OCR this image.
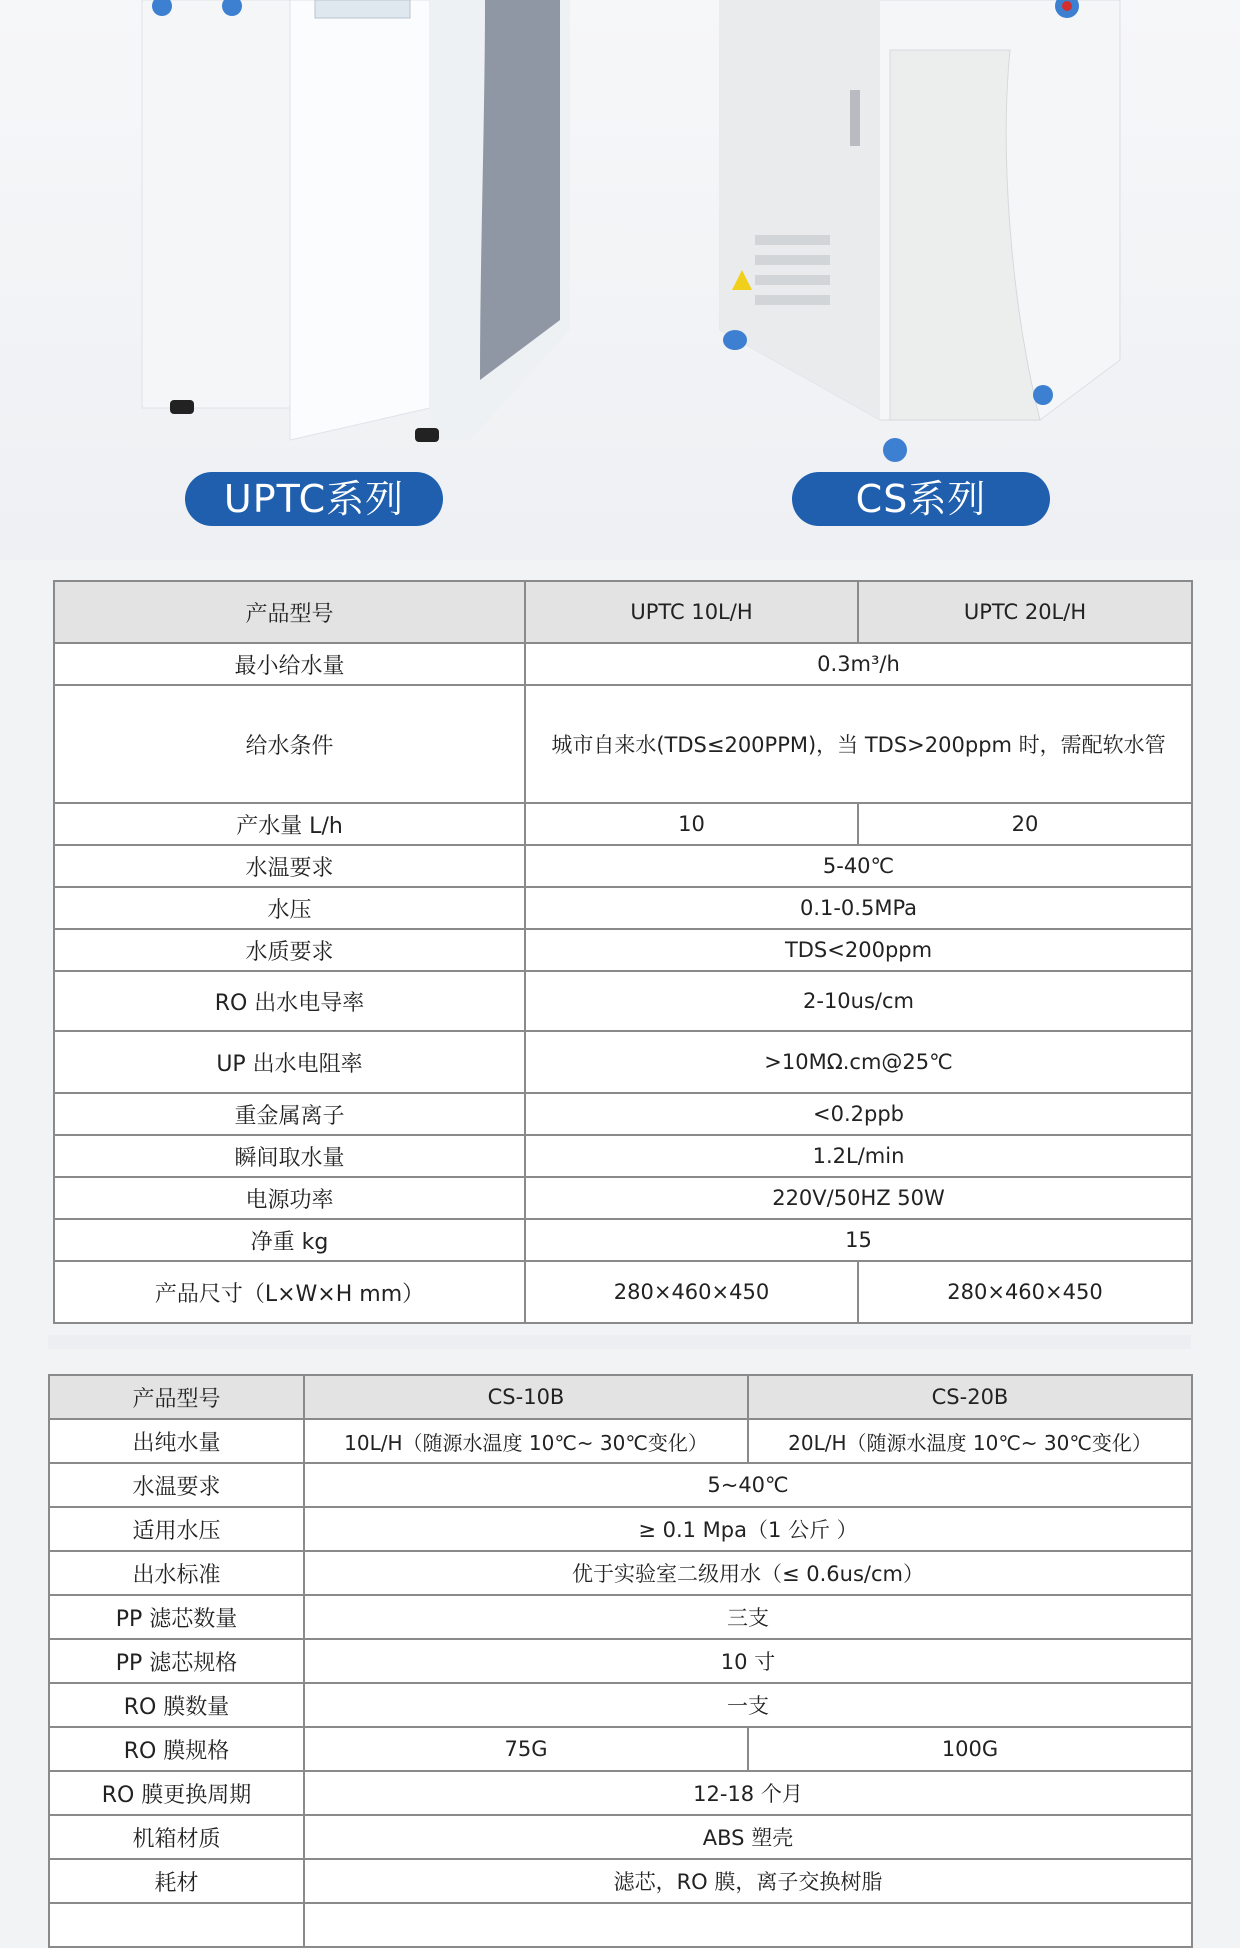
UPTC系列	CS系列
产品型号	UPTC 10L/H	UPTC 20L/H
最小给水量	0.3m³/h	
给水条件	城市自来水(TDS≤200PPM)，当 TDS>200ppm 时，需配软水管	
产水量 L/h	10	20
水温要求	5-40℃	
水压	0.1-0.5MPa	
水质要求	TDS<200ppm	
RO 出水电导率	2-10us/cm	
UP 出水电阻率	>10MΩ.cm@25℃	
重金属离子	<0.2ppb	
瞬间取水量	1.2L/min	
电源功率	220V/50HZ 50W	
净重 kg	15	
产品尺寸（L×W×H mm）	280×460×450	280×460×450
产品型号	CS-10B	CS-20B
出纯水量	10L/H（随源水温度 10℃~ 30℃变化）	20L/H（随源水温度 10℃~ 30℃变化）
水温要求	5~40℃	
适用水压	≥ 0.1 Mpa（1 公斤 ）	
出水标准	优于实验室二级用水（≤ 0.6us/cm）	
PP 滤芯数量	三支	
PP 滤芯规格	10 寸	
RO 膜数量	一支	
RO 膜规格	75G	100G
RO 膜更换周期	12-18 个月	
机箱材质	ABS 塑壳	
耗材	滤芯，RO 膜，离子交换树脂	
